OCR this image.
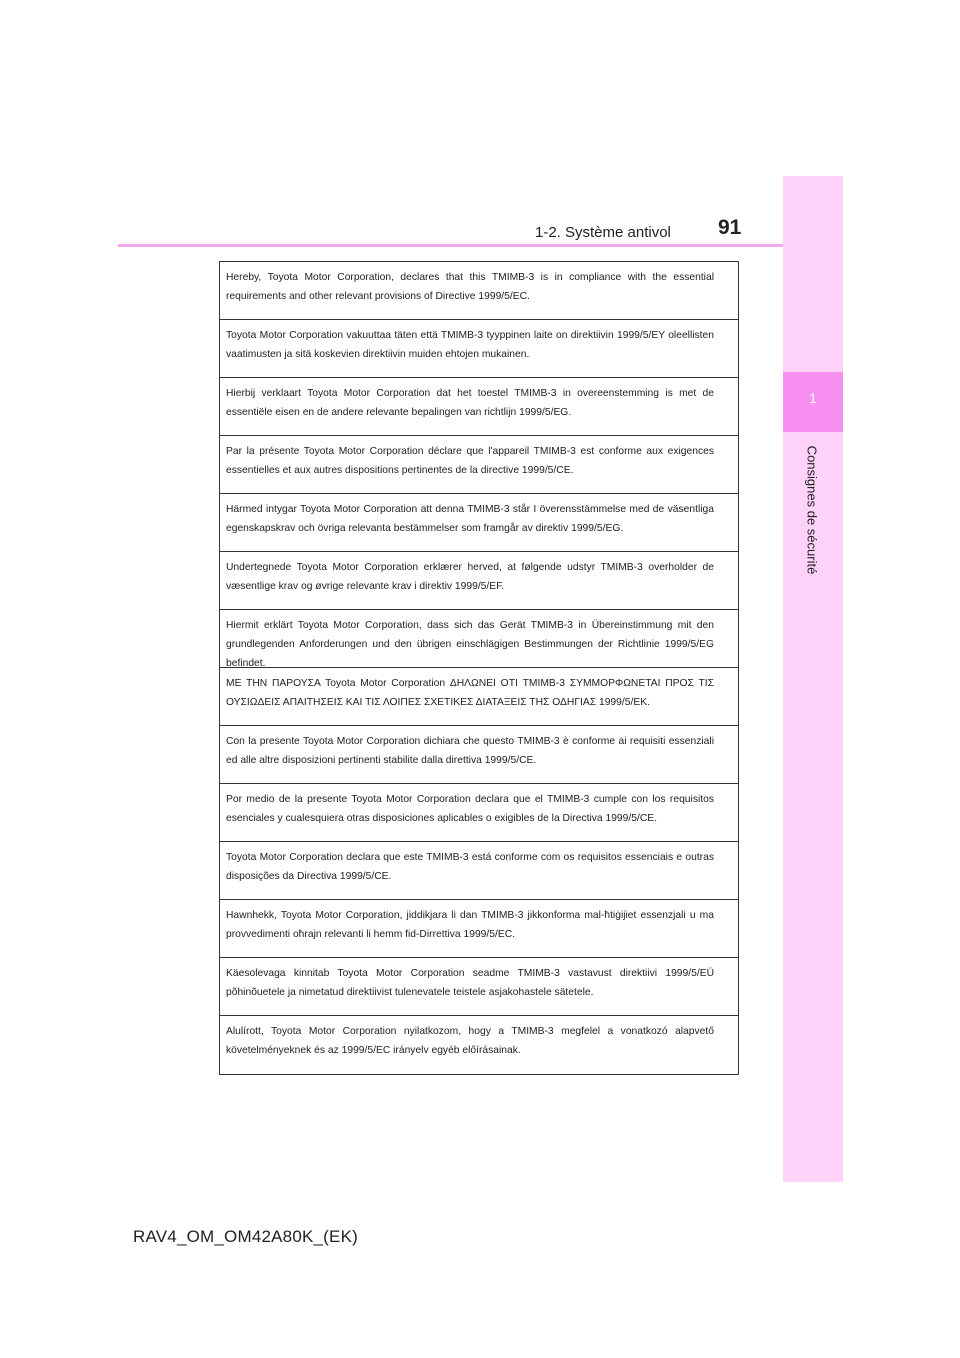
1
Consignes de sécurité
1-2. Système antivol 91
Hereby, Toyota Motor Corporation, declares that this TMIMB-3 is in compliance with the essential requirements and other relevant provisions of Directive 1999/5/EC.
Toyota Motor Corporation vakuuttaa täten että TMIMB-3 tyyppinen laite on direktiivin 1999/5/EY oleellisten vaatimusten ja sitä koskevien direktiivin muiden ehtojen mukainen.
Hierbij verklaart Toyota Motor Corporation dat het toestel TMIMB-3 in overeenstemming is met de essentiële eisen en de andere relevante bepalingen van richtlijn 1999/5/EG.
Par la présente Toyota Motor Corporation déclare que l'appareil TMIMB-3 est conforme aux exigences essentielles et aux autres dispositions pertinentes de la directive 1999/5/CE.
Härmed intygar Toyota Motor Corporation att denna TMIMB-3 står I överensstämmelse med de väsentliga egenskapskrav och övriga relevanta bestämmelser som framgår av direktiv 1999/5/EG.
Undertegnede Toyota Motor Corporation erklærer herved, at følgende udstyr TMIMB-3 overholder de væsentlige krav og øvrige relevante krav i direktiv 1999/5/EF.
Hiermit erklärt Toyota Motor Corporation, dass sich das Gerät TMIMB-3 in Übereinstimmung mit den grundlegenden Anforderungen und den übrigen einschlägigen Bestimmungen der Richtlinie 1999/5/EG befindet.
ΜΕ ΤΗΝ ΠΑΡΟΥΣΑ Toyota Motor Corporation ΔΗΛΩΝΕΙ ΟΤΙ TMIMB-3 ΣΥΜΜΟΡΦΩΝΕΤΑΙ ΠΡΟΣ ΤΙΣ ΟΥΣΙΩΔΕΙΣ ΑΠΑΙΤΗΣΕΙΣ ΚΑΙ ΤΙΣ ΛΟΙΠΕΣ ΣΧΕΤΙΚΕΣ ΔΙΑΤΑΞΕΙΣ ΤΗΣ ΟΔΗΓΙΑΣ 1999/5/ΕΚ.
Con la presente Toyota Motor Corporation dichiara che questo TMIMB-3 è conforme ai requisiti essenziali ed alle altre disposizioni pertinenti stabilite dalla direttiva 1999/5/CE.
Por medio de la presente Toyota Motor Corporation declara que el TMIMB-3 cumple con los requisitos esenciales y cualesquiera otras disposiciones aplicables o exigibles de la Directiva 1999/5/CE.
Toyota Motor Corporation declara que este TMIMB-3 está conforme com os requisitos essenciais e outras disposições da Directiva 1999/5/CE.
Hawnhekk, Toyota Motor Corporation, jiddikjara li dan TMIMB-3 jikkonforma mal-ħtiġijiet essenzjali u ma provvedimenti oħrajn relevanti li hemm fid-Dirrettiva 1999/5/EC.
Käesolevaga kinnitab Toyota Motor Corporation seadme TMIMB-3 vastavust direktiivi 1999/5/EÜ põhinõuetele ja nimetatud direktiivist tulenevatele teistele asjakohastele sätetele.
Alulírott, Toyota Motor Corporation nyilatkozom, hogy a TMIMB-3 megfelel a vonatkozó alapvető követelményeknek és az 1999/5/EC irányelv egyéb előírásainak.
RAV4_OM_OM42A80K_(EK)
